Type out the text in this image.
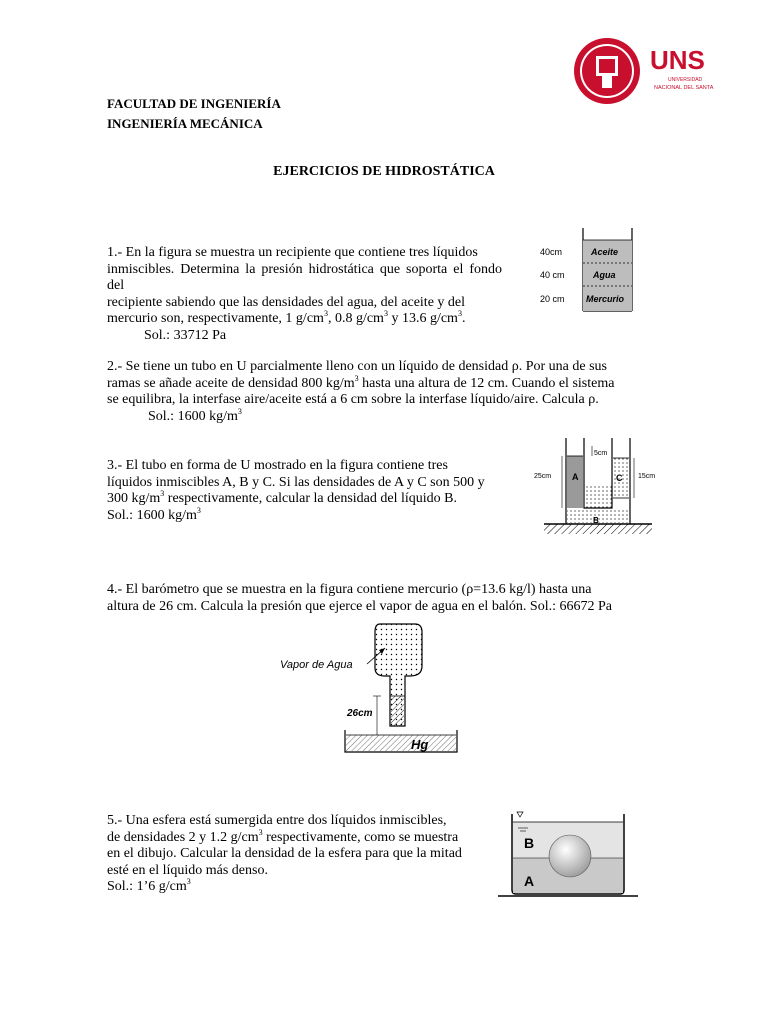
FACULTAD DE INGENIERÍA
INGENIERÍA MECÁNICA
UNS
UNIVERSIDAD
NACIONAL DEL SANTA
EJERCICIOS DE HIDROSTÁTICA
1.- En la figura se muestra un recipiente que contiene tres líquidos
inmiscibles. Determina la presión hidrostática que soporta el fondo del
recipiente sabiendo que las densidades del agua, del aceite y del
mercurio son, respectivamente, 1 $g/cm^3$, 0.8 $g/cm^3$ y 13.6 $g/cm^3$.
Sol.: 33712 Pa
40cm
40 cm
20 cm
Aceite
Agua
Mercurio
2.- Se tiene un tubo en U parcialmente lleno con un líquido de densidad ρ. Por una de sus
ramas se añade aceite de densidad 800 $kg/m^3$ hasta una altura de 12 cm. Cuando el sistema
se equilibra, la interfase aire/aceite está a 6 cm sobre la interfase líquido/aire. Calcula ρ.
Sol.: 1600 $kg/m^3$
3.- El tubo en forma de U mostrado en la figura contiene tres
líquidos inmiscibles A, B y C. Si las densidades de A y C son 500 y
300 $kg/m^3$ respectivamente, calcular la densidad del líquido B.
Sol.: 1600 $kg/m^3$
A	C
B
25cm
5cm
15cm
4.- El barómetro que se muestra en la figura contiene mercurio (ρ=13.6 kg/l) hasta una
altura de 26 cm. Calcula la presión que ejerce el vapor de agua en el balón. Sol.: 66672 Pa
26cm
Hg
Vapor de Agua
5.- Una esfera está sumergida entre dos líquidos inmiscibles,
de densidades 2 y 1.2 $g/cm^3$ respectivamente, como se muestra
en el dibujo. Calcular la densidad de la esfera para que la mitad
esté en el líquido más denso.
Sol.: 1’6 $g/cm^3$
B
A
